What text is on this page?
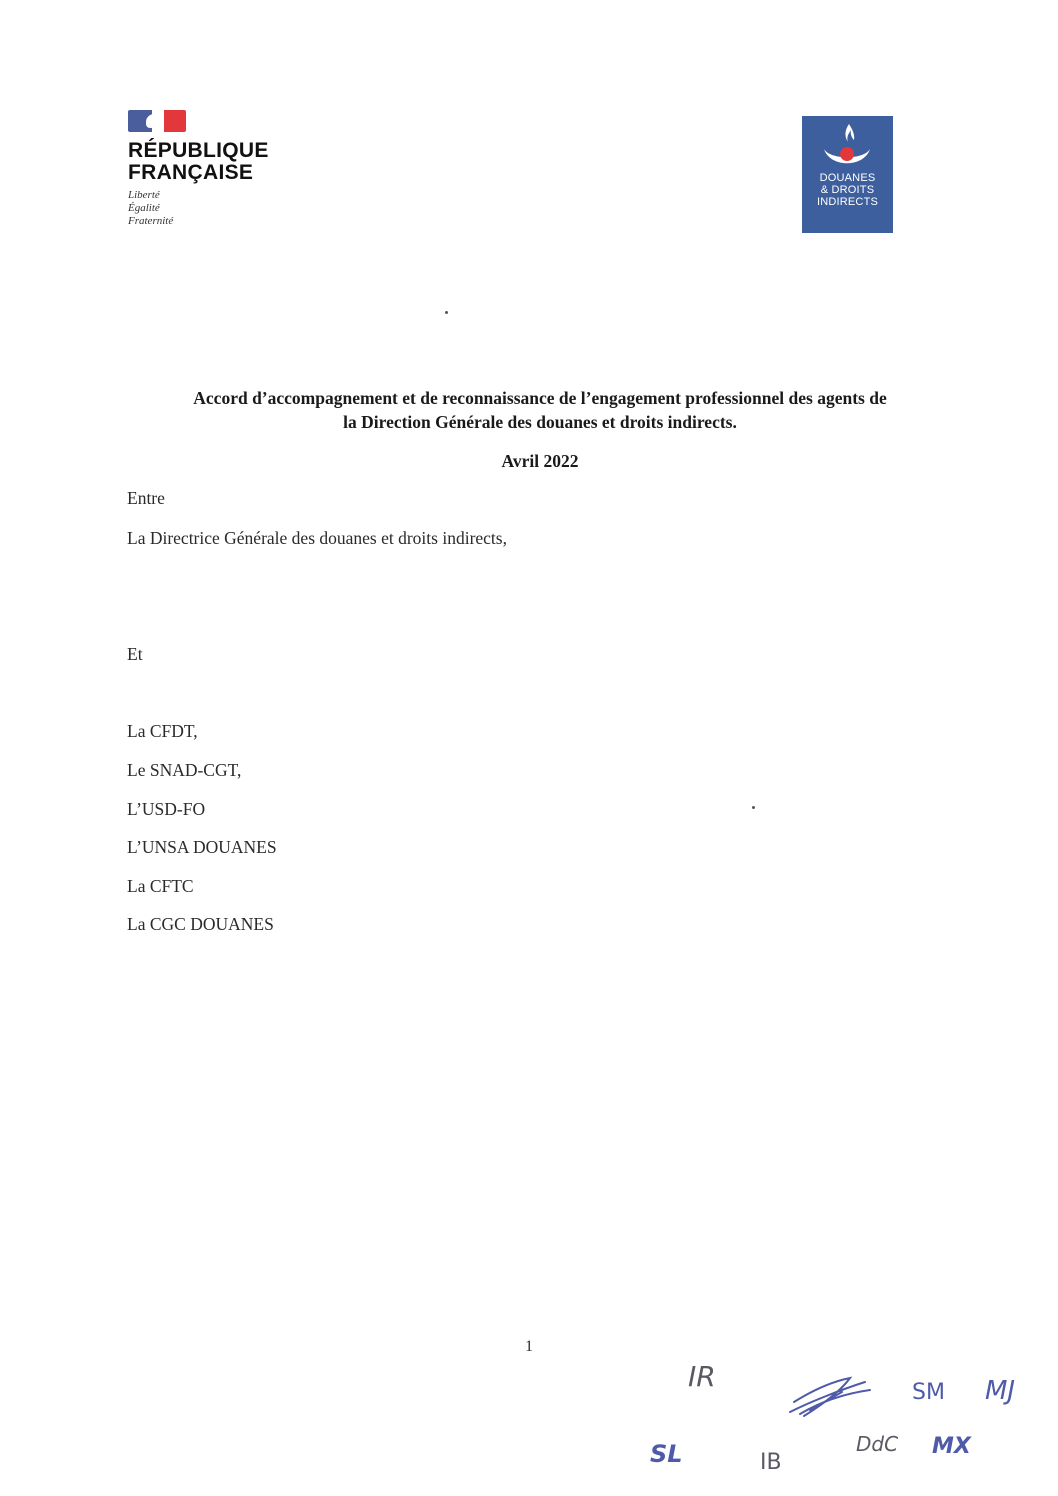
RÉPUBLIQUE
FRANÇAISE
Liberté
Égalité
Fraternité
DOUANES
& DROITS
INDIRECTS
Accord d’accompagnement et de reconnaissance de l’engagement professionnel des agents de
la Direction Générale des douanes et droits indirects.
Avril 2022
Entre
La Directrice Générale des douanes et droits indirects,
Et
La CFDT,
Le SNAD-CGT,
L’USD-FO
L’UNSA DOUANES
La CFTC
La CGC DOUANES
1
IR	SM MJ
SL	IB
DdC MX
